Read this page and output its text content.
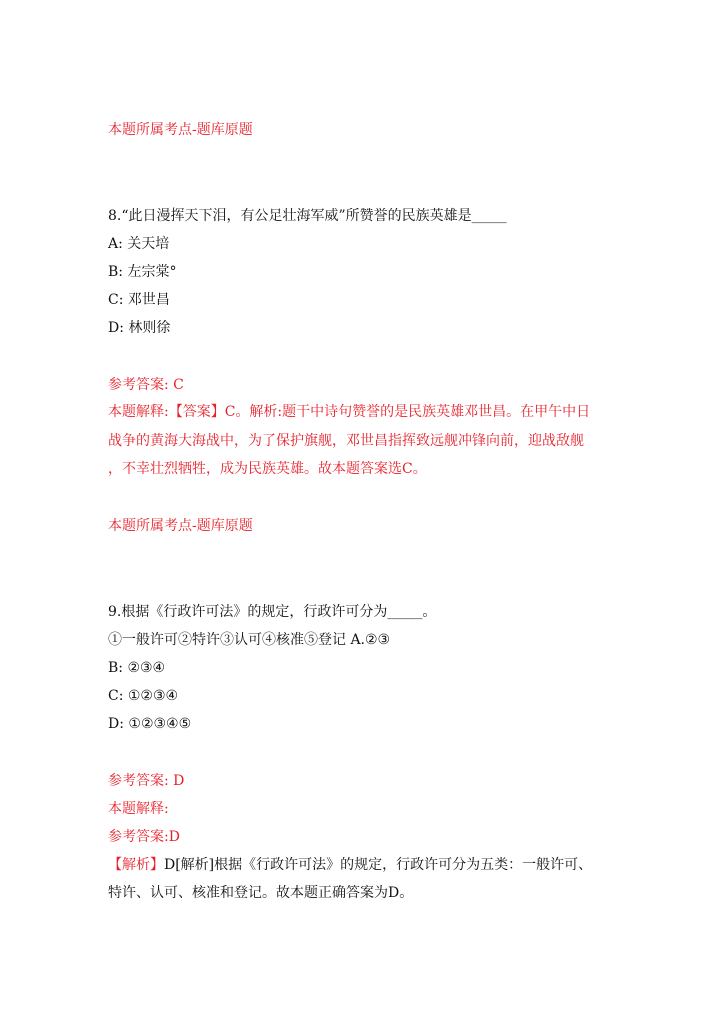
本题所属考点-题库原题
8.“此日漫挥天下泪，有公足壮海军威”所赞誉的民族英雄是_____
A: 关天培
B: 左宗棠°
C: 邓世昌
D: 林则徐
参考答案: C
本题解释:【答案】C。解析:题干中诗句赞誉的是民族英雄邓世昌。在甲午中日
战争的黄海大海战中，为了保护旗舰，邓世昌指挥致远舰冲锋向前，迎战敌舰
，不幸壮烈牺牲，成为民族英雄。故本题答案选C。
本题所属考点-题库原题
9.根据《行政许可法》的规定，行政许可分为_____。
①一般许可②特许③认可④核准⑤登记 A.②③
B: ②③④
C: ①②③④
D: ①②③④⑤
参考答案: D
本题解释:
参考答案:D
【解析】D[解析]根据《行政许可法》的规定，行政许可分为五类：一般许可、
特许、认可、核准和登记。故本题正确答案为D。
